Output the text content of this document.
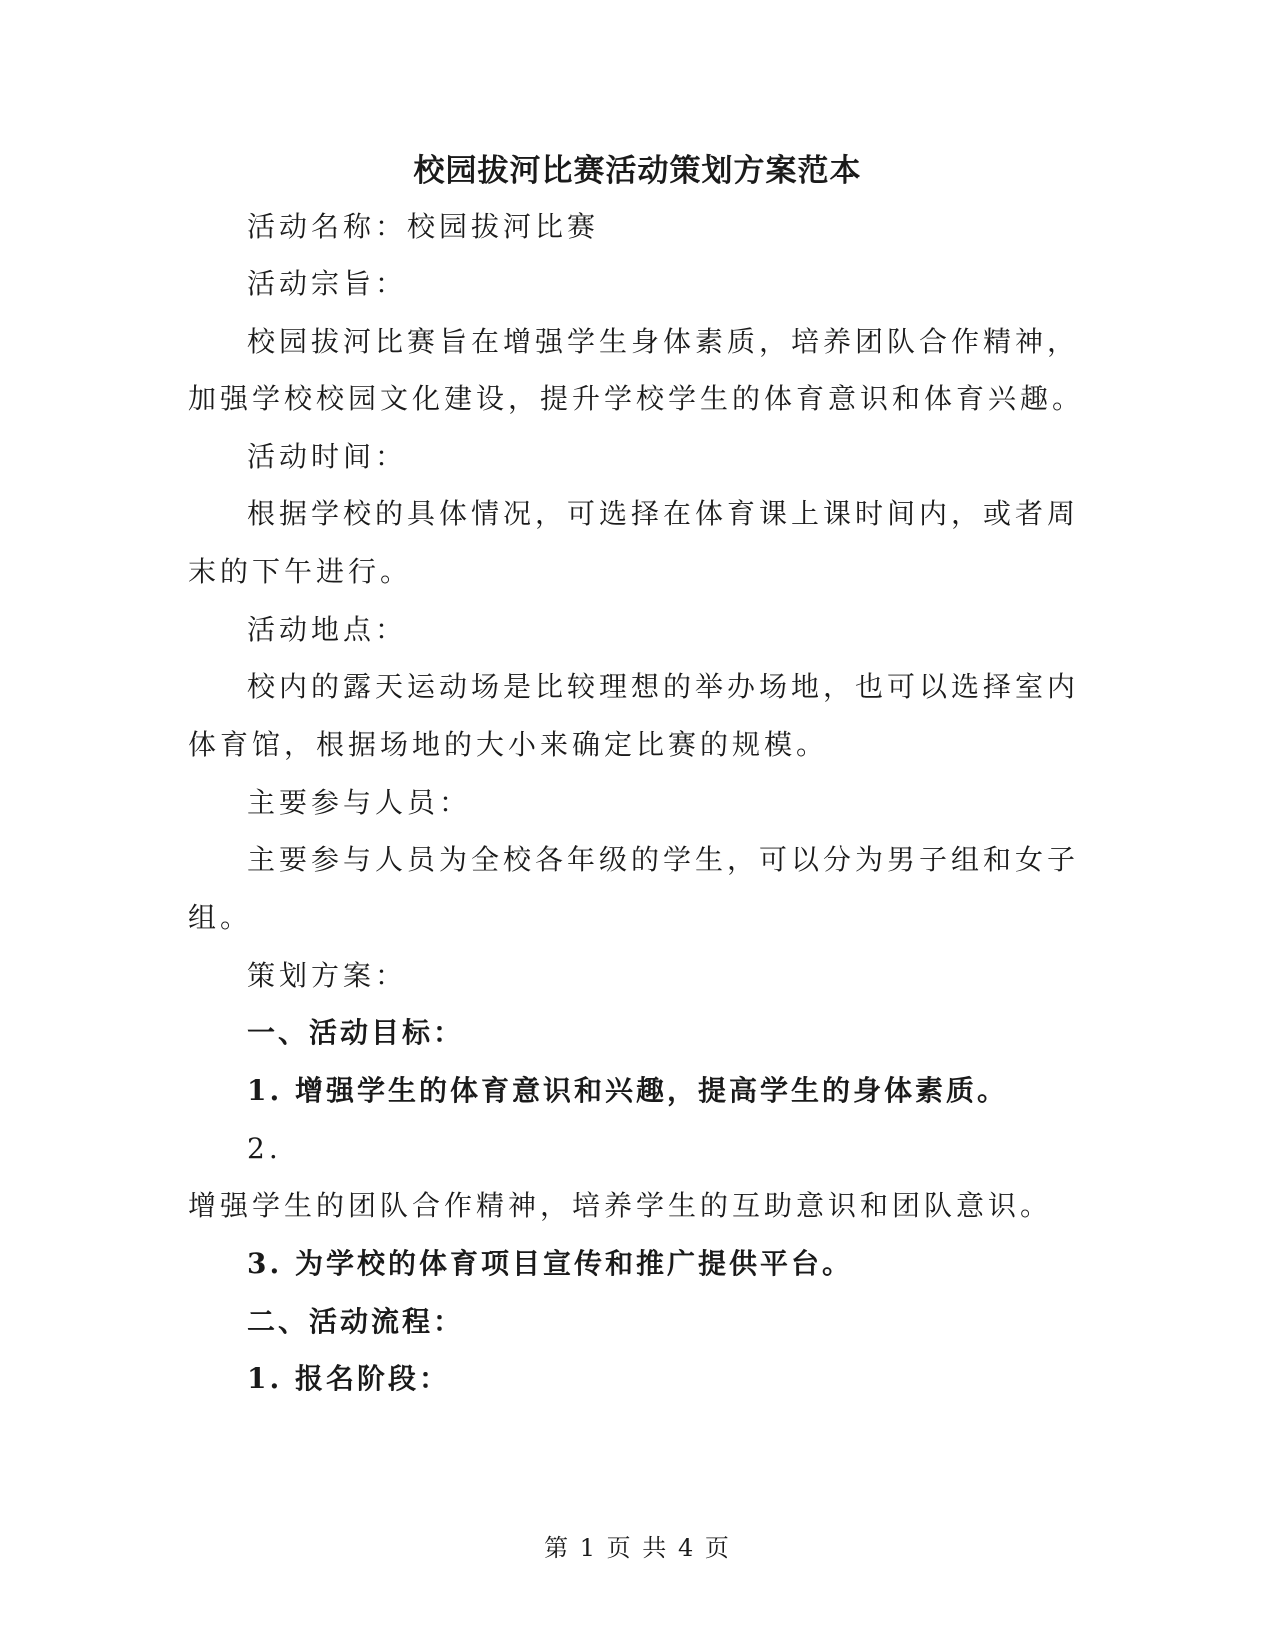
校园拔河比赛活动策划方案范本
活动名称：校园拔河比赛
活动宗旨：
校园拔河比赛旨在增强学生身体素质，培养团队合作精神，
加强学校校园文化建设，提升学校学生的体育意识和体育兴趣。
活动时间：
根据学校的具体情况，可选择在体育课上课时间内，或者周
末的下午进行。
活动地点：
校内的露天运动场是比较理想的举办场地，也可以选择室内
体育馆，根据场地的大小来确定比赛的规模。
主要参与人员：
主要参与人员为全校各年级的学生，可以分为男子组和女子
组。
策划方案：
一、活动目标：
1. 增强学生的体育意识和兴趣，提高学生的身体素质。
2.
增强学生的团队合作精神，培养学生的互助意识和团队意识。
3. 为学校的体育项目宣传和推广提供平台。
二、活动流程：
1. 报名阶段：
第 1 页 共 4 页
